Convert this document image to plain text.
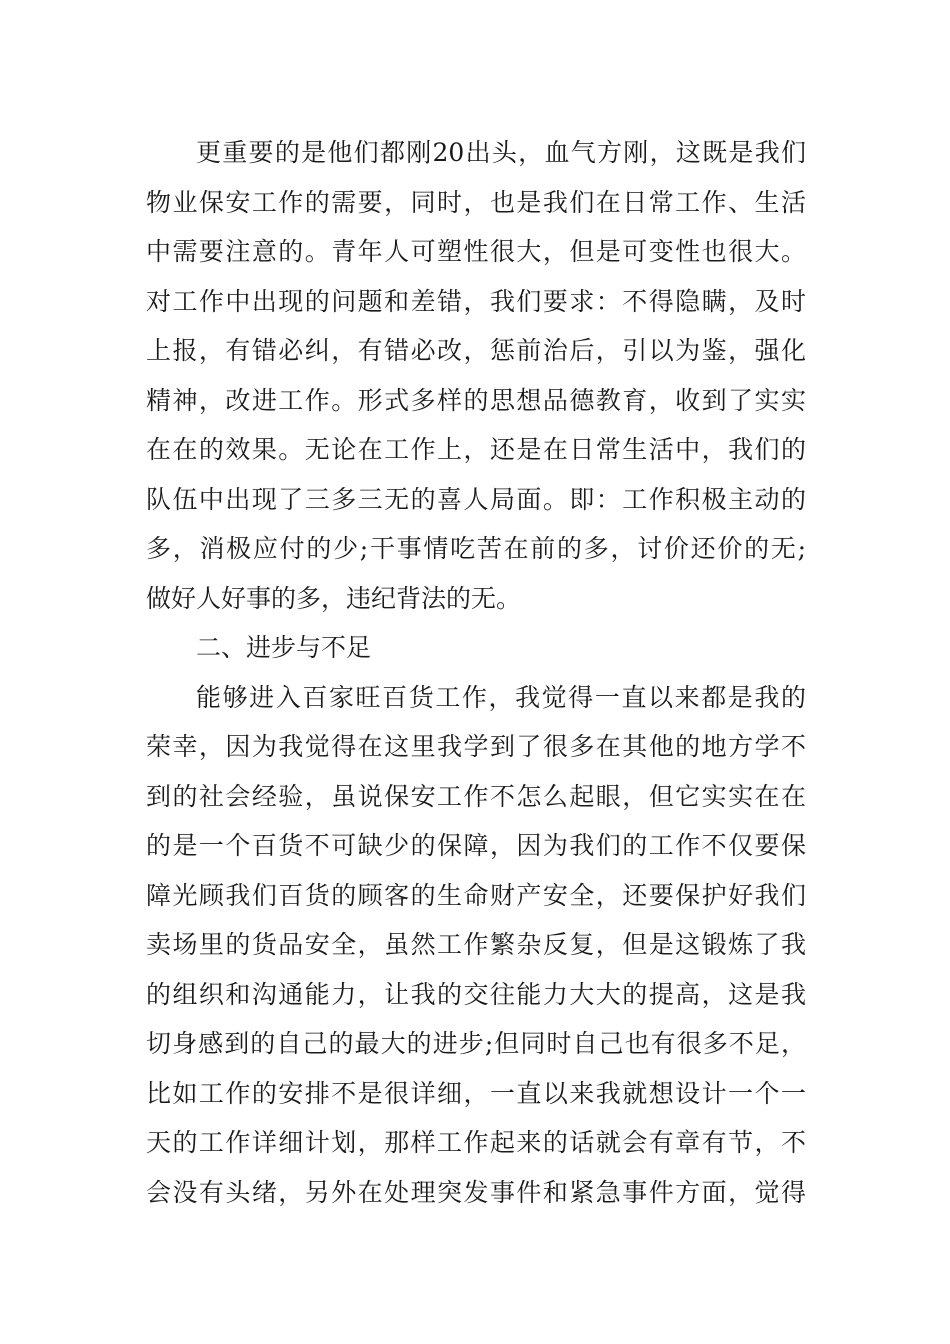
更重要的是他们都刚20出头，血气方刚，这既是我们
物业保安工作的需要，同时，也是我们在日常工作、生活
中需要注意的。青年人可塑性很大，但是可变性也很大。
对工作中出现的问题和差错，我们要求：不得隐瞒，及时
上报，有错必纠，有错必改，惩前治后，引以为鉴，强化
精神，改进工作。形式多样的思想品德教育，收到了实实
在在的效果。无论在工作上，还是在日常生活中，我们的
队伍中出现了三多三无的喜人局面。即：工作积极主动的
多，消极应付的少;干事情吃苦在前的多，讨价还价的无;
做好人好事的多，违纪背法的无。
二、进步与不足
能够进入百家旺百货工作，我觉得一直以来都是我的
荣幸，因为我觉得在这里我学到了很多在其他的地方学不
到的社会经验，虽说保安工作不怎么起眼，但它实实在在
的是一个百货不可缺少的保障，因为我们的工作不仅要保
障光顾我们百货的顾客的生命财产安全，还要保护好我们
卖场里的货品安全，虽然工作繁杂反复，但是这锻炼了我
的组织和沟通能力，让我的交往能力大大的提高，这是我
切身感到的自己的最大的进步;但同时自己也有很多不足，
比如工作的安排不是很详细，一直以来我就想设计一个一
天的工作详细计划，那样工作起来的话就会有章有节，不
会没有头绪，另外在处理突发事件和紧急事件方面，觉得
